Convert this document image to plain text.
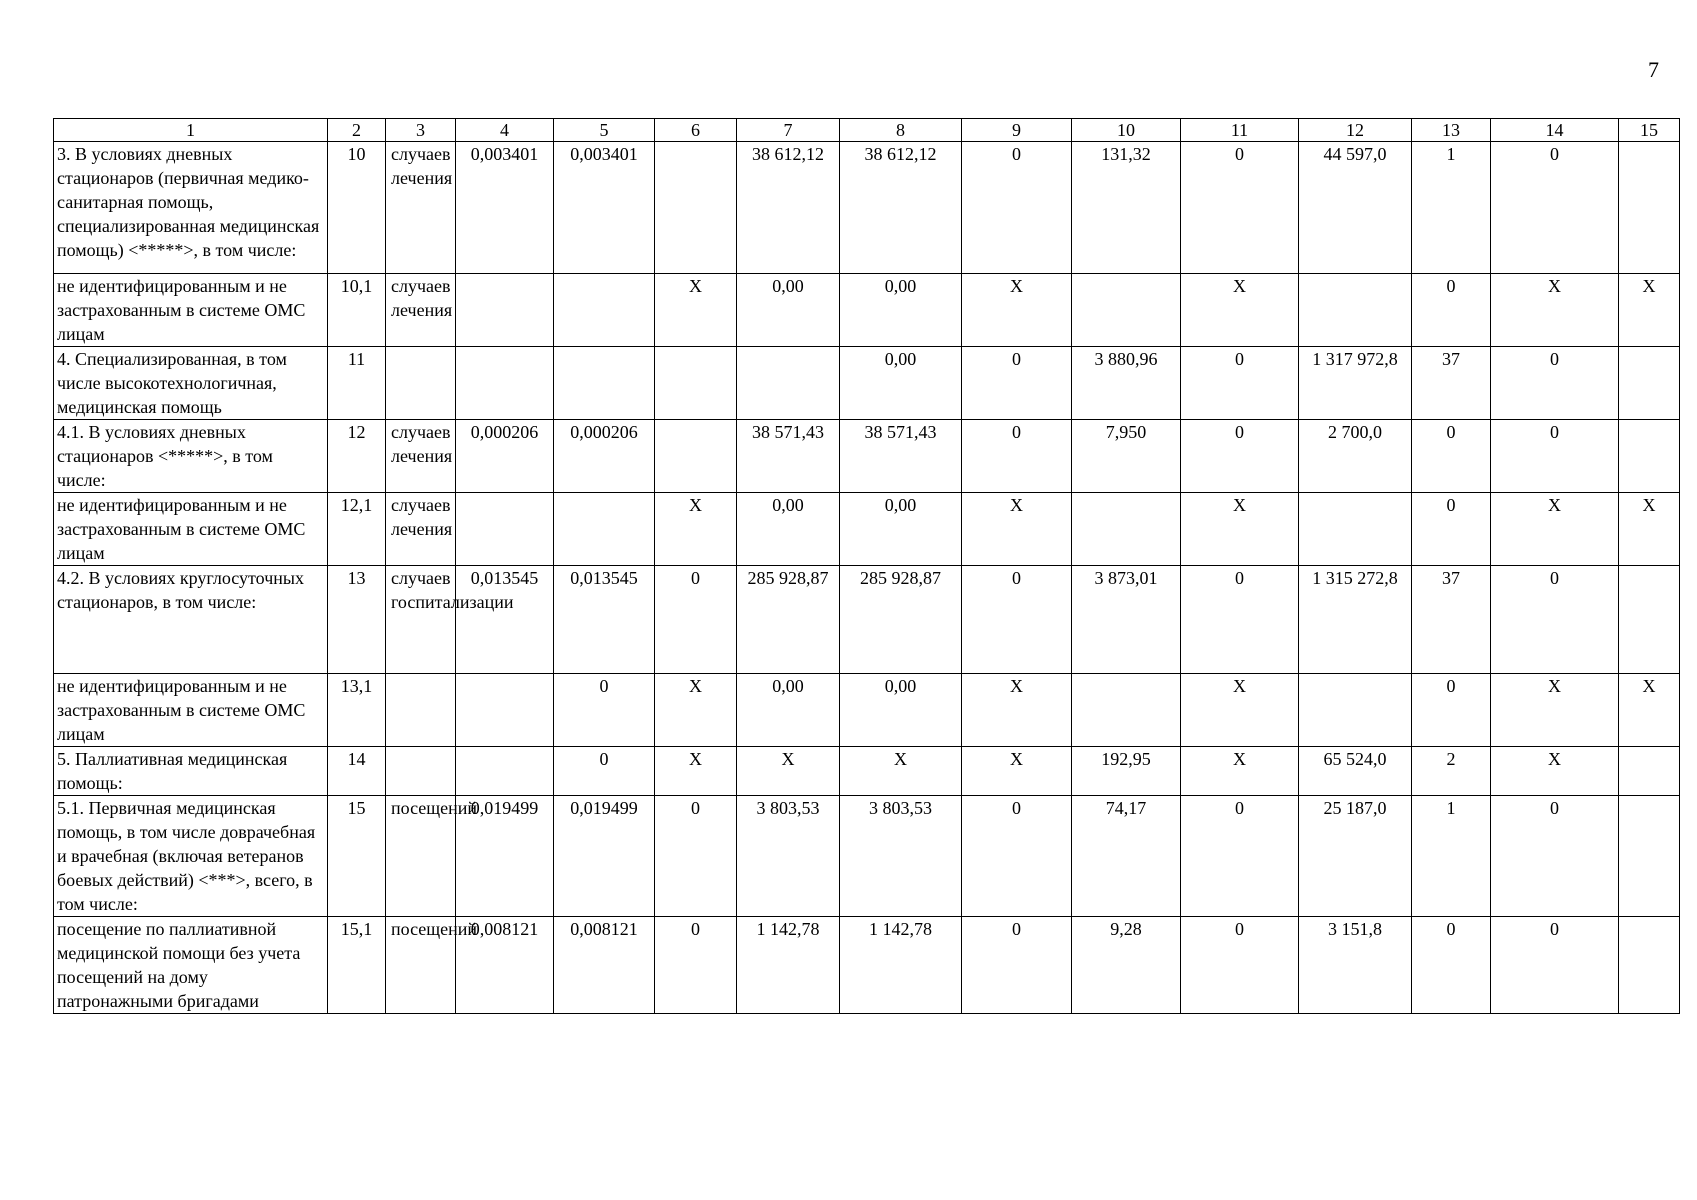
7
1	2	3	4	5	6	7	8	9	10	11	12	13	14	15
3. В условиях дневных стационаров (первичная медико-санитарная помощь, специализированная медицинская помощь) <*****>, в том числе:	10	случаев лечения	0,003401	0,003401		38 612,12	38 612,12	0	131,32	0	44 597,0	1	0	
не идентифицированным и не застрахованным в системе ОМС лицам	10,1	случаев лечения			X	0,00	0,00	X		X		0	X	X
4. Специализированная, в том числе высокотехнологичная, медицинская помощь	11						0,00	0	3 880,96	0	1 317 972,8	37	0	
4.1. В условиях дневных стационаров <*****>, в том числе:	12	случаев лечения	0,000206	0,000206		38 571,43	38 571,43	0	7,950	0	2 700,0	0	0	
не идентифицированным и не застрахованным в системе ОМС лицам	12,1	случаев лечения			X	0,00	0,00	X		X		0	X	X
4.2. В условиях круглосуточных стационаров, в том числе:	13	случаев госпитализации	0,013545	0,013545	0	285 928,87	285 928,87	0	3 873,01	0	1 315 272,8	37	0	
не идентифицированным и не застрахованным в системе ОМС лицам	13,1			0	X	0,00	0,00	X		X		0	X	X
5. Паллиативная медицинская помощь:	14			0	X	X	X	X	192,95	X	65 524,0	2	X	
5.1. Первичная медицинская помощь, в том числе доврачебная и врачебная (включая ветеранов боевых действий) <***>, всего, в том числе:	15	посещений	0,019499	0,019499	0	3 803,53	3 803,53	0	74,17	0	25 187,0	1	0	
посещение по паллиативной медицинской помощи без учета посещений на дому патронажными бригадами	15,1	посещений	0,008121	0,008121	0	1 142,78	1 142,78	0	9,28	0	3 151,8	0	0	
